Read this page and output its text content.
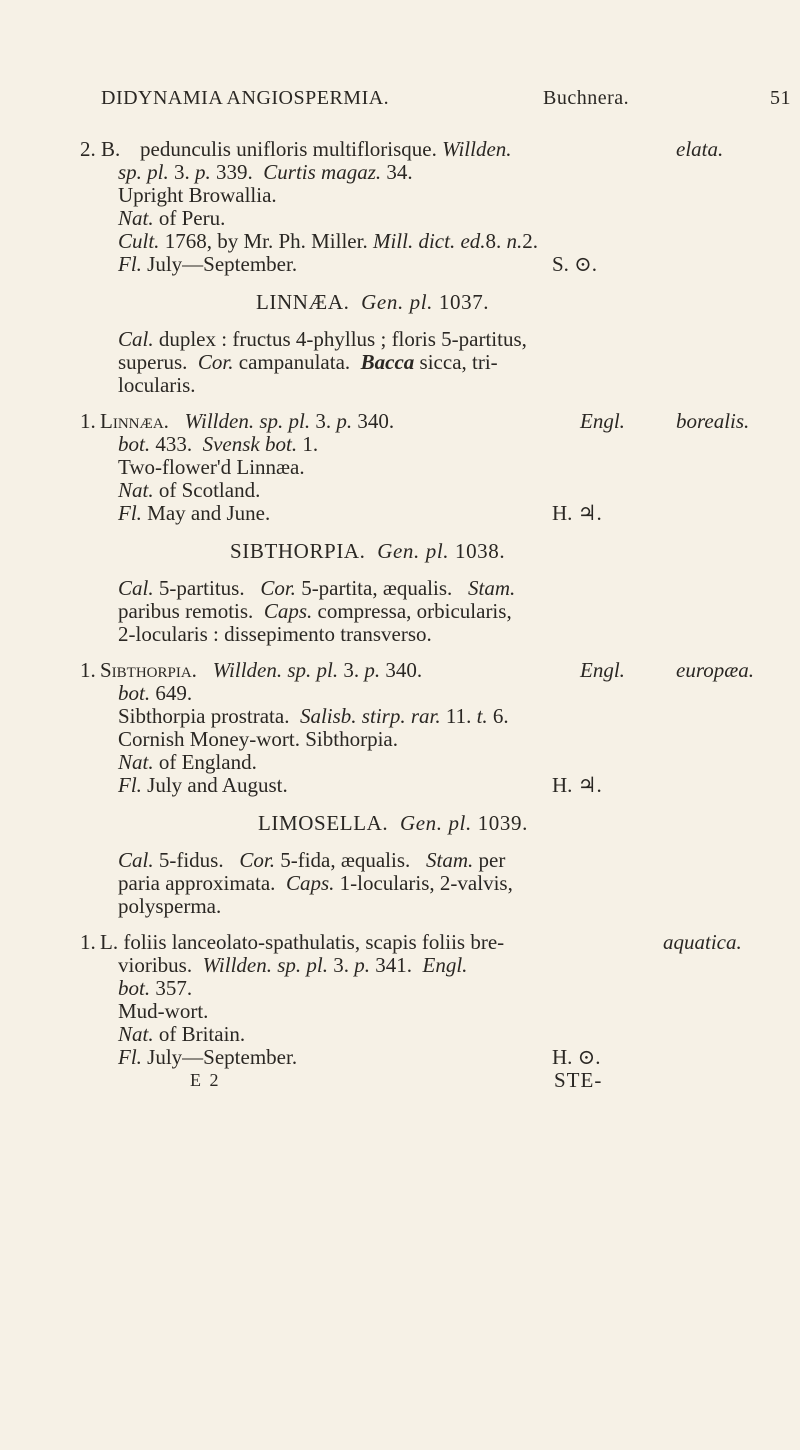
DIDYNAMIA ANGIOSPERMIA.	Buchnera.	51
2. B. pedunculis unifloris multiflorisque. Willden.	elata.
sp. pl. 3. p. 339. Curtis magaz. 34.
Upright Browallia.
Nat. of Peru.
Cult. 1768, by Mr. Ph. Miller. Mill. dict. ed.8. n.2.
Fl. July—September.	S. ⊙.
LINNÆA. Gen. pl. 1037.
Cal. duplex : fructus 4-phyllus ; floris 5-partitus,
superus. Cor. campanulata. Bacca sicca, tri-
locularis.
1. Linnæa. Willden. sp. pl. 3. p. 340.	Engl. borealis.
bot. 433. Svensk bot. 1.
Two-flower'd Linnæa.
Nat. of Scotland.
Fl. May and June.	H. ♃.
SIBTHORPIA. Gen. pl. 1038.
Cal. 5-partitus. Cor. 5-partita, æqualis. Stam.
paribus remotis. Caps. compressa, orbicularis,
2-locularis : dissepimento transverso.
1. Sibthorpia. Willden. sp. pl. 3. p. 340.	Engl. europæa.
bot. 649.
Sibthorpia prostrata. Salisb. stirp. rar. 11. t. 6.
Cornish Money-wort. Sibthorpia.
Nat. of England.
Fl. July and August.	H. ♃.
LIMOSELLA. Gen. pl. 1039.
Cal. 5-fidus. Cor. 5-fida, æqualis. Stam. per
paria approximata. Caps. 1-locularis, 2-valvis,
polysperma.
1. L. foliis lanceolato-spathulatis, scapis foliis bre-	aquatica.
vioribus. Willden. sp. pl. 3. p. 341. Engl.
bot. 357.
Mud-wort.
Nat. of Britain.
Fl. July—September.	H. ⊙.
E 2	STE-
